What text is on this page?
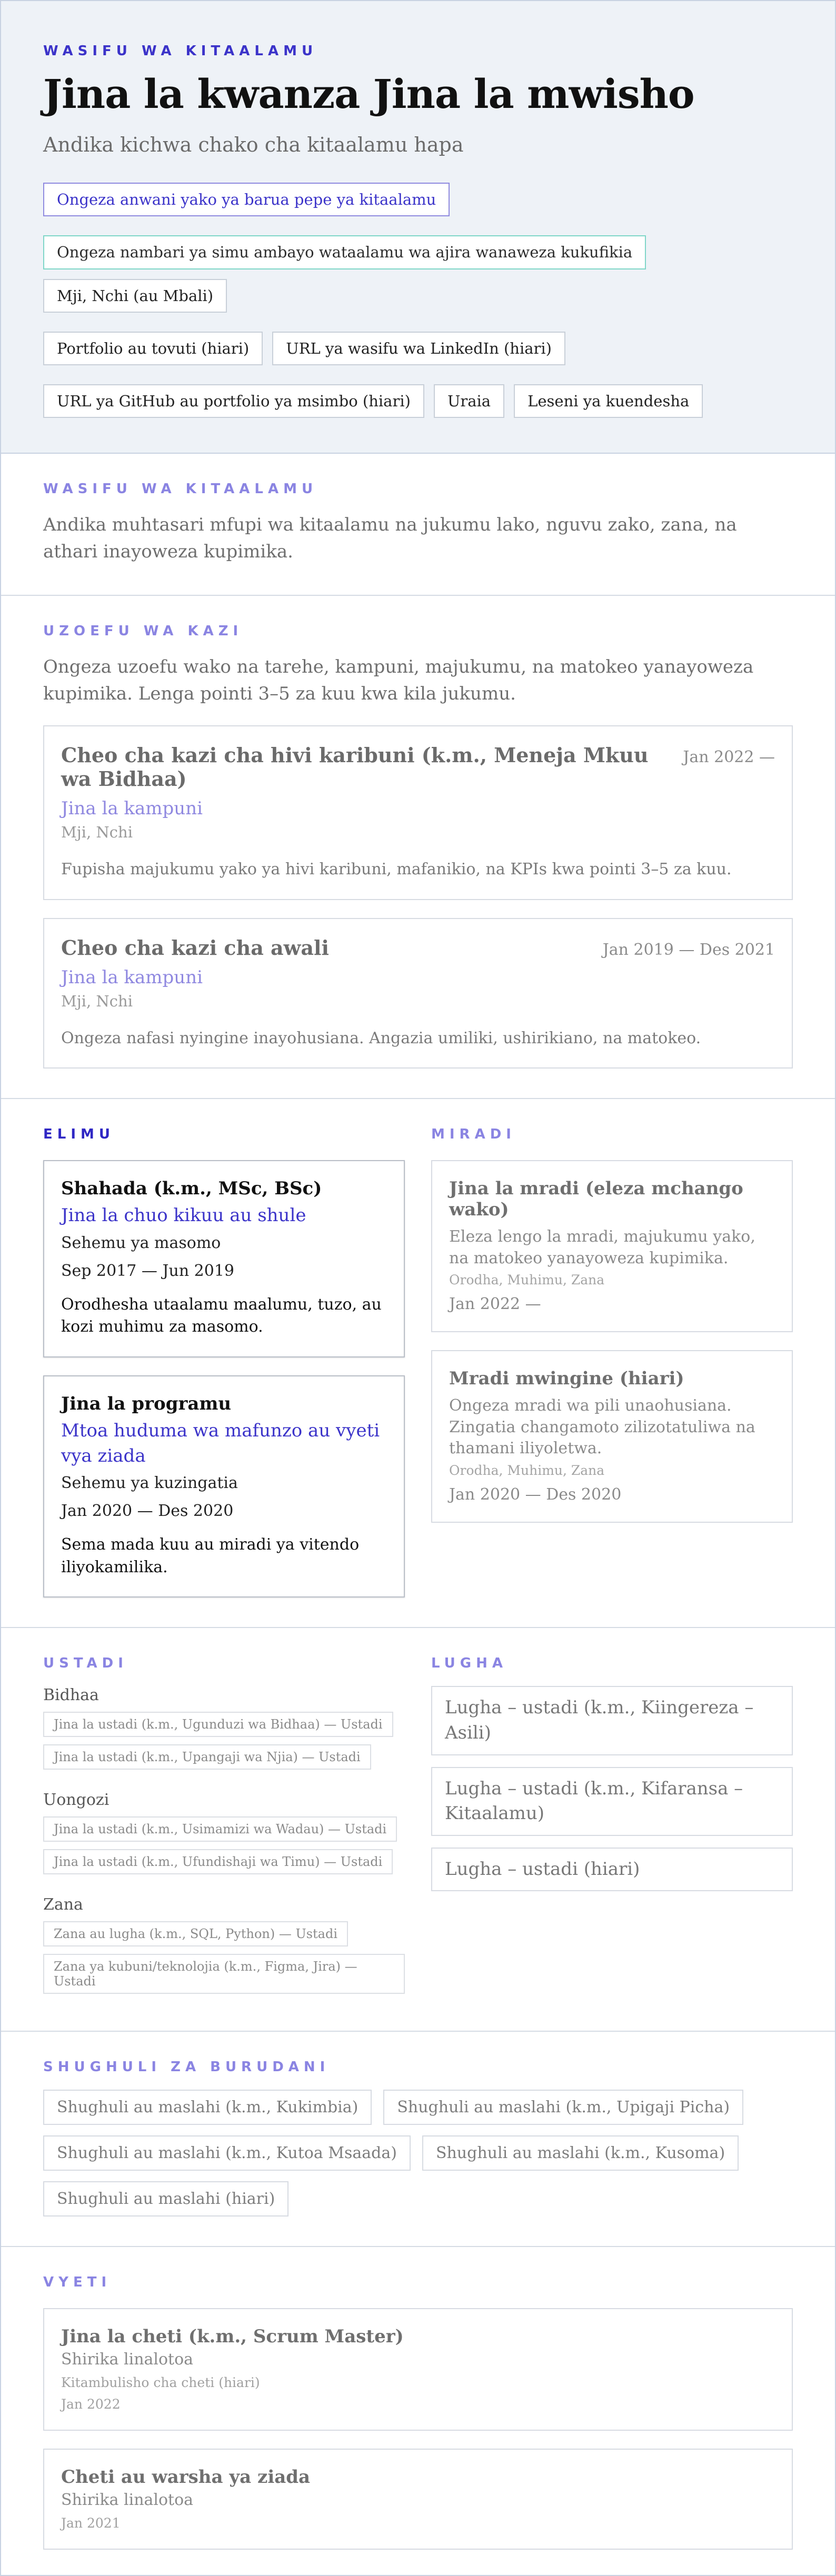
WASIFU WA KITAALAMU
Jina la kwanza Jina la mwisho
Andika kichwa chako cha kitaalamu hapa
Ongeza anwani yako ya barua pepe ya kitaalamu
Ongeza nambari ya simu ambayo wataalamu wa ajira wanaweza kukufikia
Mji, Nchi (au Mbali)
Portfolio au tovuti (hiari)	URL ya wasifu wa LinkedIn (hiari)
URL ya GitHub au portfolio ya msimbo (hiari)	Uraia	Leseni ya kuendesha
WASIFU WA KITAALAMU

Andika muhtasari mfupi wa kitaalamu na jukumu lako, nguvu zako, zana, na athari inayoweza kupimika.

UZOEFU WA KAZI

Ongeza uzoefu wako na tarehe, kampuni, majukumu, na matokeo yanayoweza kupimika. Lenga pointi 3–5 za kuu kwa kila jukumu.

Cheo cha kazi cha hivi karibuni (k.m., Meneja Mkuu wa Bidhaa)
Jan 2022 —
Jina la kampuni
Mji, Nchi
Fupisha majukumu yako ya hivi karibuni, mafanikio, na KPIs kwa pointi 3–5 za kuu.
Cheo cha kazi cha awali	Jan 2019 — Des 2021
Jina la kampuni
Mji, Nchi
Ongeza nafasi nyingine inayohusiana. Angazia umiliki, ushirikiano, na matokeo.
ELIMU
Shahada (k.m., MSc, BSc)
Jina la chuo kikuu au shule
Sehemu ya masomo
Sep 2017 — Jun 2019
Orodhesha utaalamu maalumu, tuzo, au kozi muhimu za masomo.
Jina la programu
Mtoa huduma wa mafunzo au vyeti vya ziada
Sehemu ya kuzingatia
Jan 2020 — Des 2020
Sema mada kuu au miradi ya vitendo iliyokamilika.
MIRADI
Jina la mradi (eleza mchango wako)
Eleza lengo la mradi, majukumu yako, na matokeo yanayoweza kupimika.
Orodha, Muhimu, Zana
Jan 2022 —
Mradi mwingine (hiari)
Ongeza mradi wa pili unaohusiana. Zingatia changamoto zilizotatuliwa na thamani iliyoletwa.
Orodha, Muhimu, Zana
Jan 2020 — Des 2020
USTADI
Bidhaa
Jina la ustadi (k.m., Ugunduzi wa Bidhaa) — Ustadi
Jina la ustadi (k.m., Upangaji wa Njia) — Ustadi
Uongozi
Jina la ustadi (k.m., Usimamizi wa Wadau) — Ustadi
Jina la ustadi (k.m., Ufundishaji wa Timu) — Ustadi
Zana
Zana au lugha (k.m., SQL, Python) — Ustadi
Zana ya kubuni/teknolojia (k.m., Figma, Jira) — Ustadi
LUGHA
Lugha – ustadi (k.m., Kiingereza – Asili)
Lugha – ustadi (k.m., Kifaransa – Kitaalamu)
Lugha – ustadi (hiari)
SHUGHULI ZA BURUDANI
Shughuli au maslahi (k.m., Kukimbia)	Shughuli au maslahi (k.m., Upigaji Picha)
Shughuli au maslahi (k.m., Kutoa Msaada)	Shughuli au maslahi (k.m., Kusoma)
Shughuli au maslahi (hiari)
VYETI
Jina la cheti (k.m., Scrum Master)
Shirika linalotoa
Kitambulisho cha cheti (hiari)
Jan 2022
Cheti au warsha ya ziada
Shirika linalotoa
Jan 2021
